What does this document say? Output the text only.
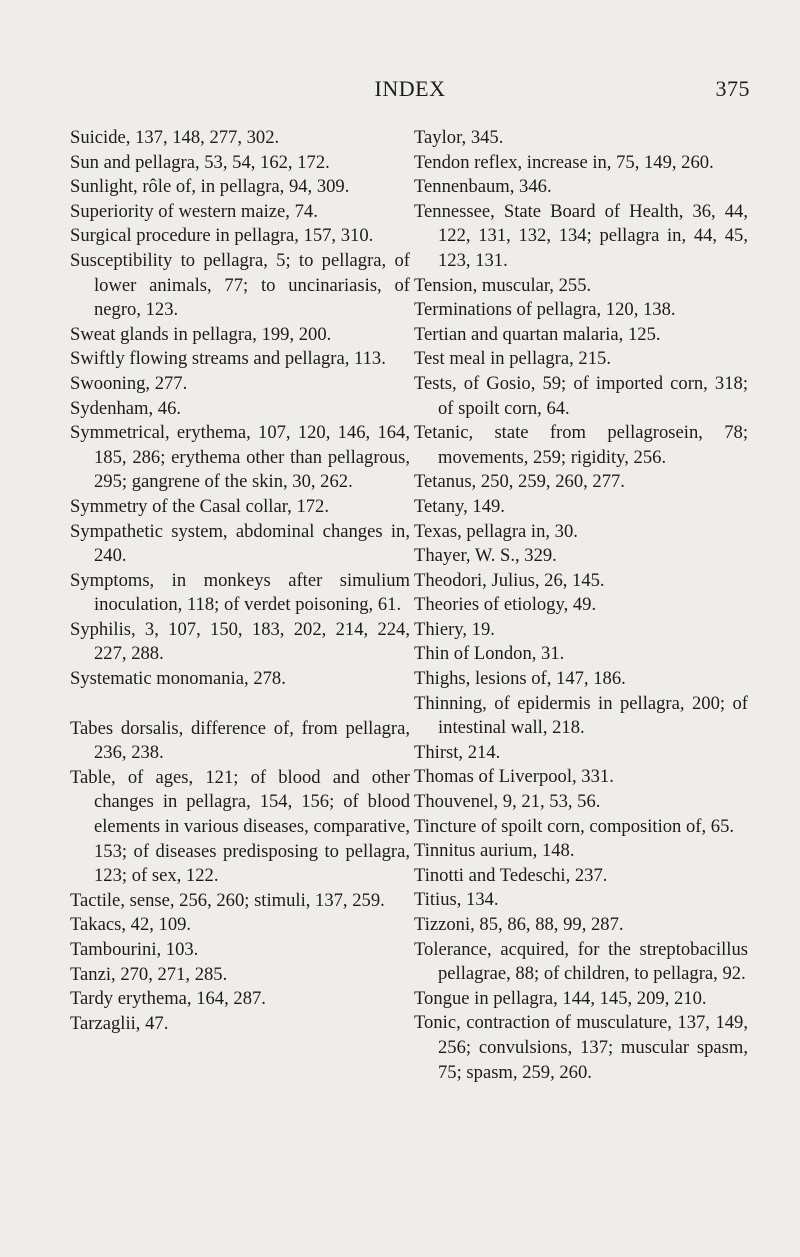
INDEX	375

Suicide, 137, 148, 277, 302.

Sun and pellagra, 53, 54, 162, 172.

Sunlight, rôle of, in pellagra, 94, 309.

Superiority of western maize, 74.

Surgical procedure in pellagra, 157, 310.

Susceptibility to pellagra, 5; to pellagra, of lower animals, 77; to uncinariasis, of negro, 123.

Sweat glands in pellagra, 199, 200.

Swiftly flowing streams and pellagra, 113.

Swooning, 277.

Sydenham, 46.

Symmetrical, erythema, 107, 120, 146, 164, 185, 286; erythema other than pellagrous, 295; gangrene of the skin, 30, 262.

Symmetry of the Casal collar, 172.

Sympathetic system, abdominal changes in, 240.

Symptoms, in monkeys after simulium inoculation, 118; of verdet poisoning, 61.

Syphilis, 3, 107, 150, 183, 202, 214, 224, 227, 288.

Systematic monomania, 278.

Tabes dorsalis, difference of, from pellagra, 236, 238.

Table, of ages, 121; of blood and other changes in pellagra, 154, 156; of blood elements in various diseases, comparative, 153; of diseases predisposing to pellagra, 123; of sex, 122.

Tactile, sense, 256, 260; stimuli, 137, 259.

Takacs, 42, 109.

Tambourini, 103.

Tanzi, 270, 271, 285.

Tardy erythema, 164, 287.

Tarzaglii, 47.

Taylor, 345.

Tendon reflex, increase in, 75, 149, 260.

Tennenbaum, 346.

Tennessee, State Board of Health, 36, 44, 122, 131, 132, 134; pellagra in, 44, 45, 123, 131.

Tension, muscular, 255.

Terminations of pellagra, 120, 138.

Tertian and quartan malaria, 125.

Test meal in pellagra, 215.

Tests, of Gosio, 59; of imported corn, 318; of spoilt corn, 64.

Tetanic, state from pellagrosein, 78; movements, 259; rigidity, 256.

Tetanus, 250, 259, 260, 277.

Tetany, 149.

Texas, pellagra in, 30.

Thayer, W. S., 329.

Theodori, Julius, 26, 145.

Theories of etiology, 49.

Thiery, 19.

Thin of London, 31.

Thighs, lesions of, 147, 186.

Thinning, of epidermis in pellagra, 200; of intestinal wall, 218.

Thirst, 214.

Thomas of Liverpool, 331.

Thouvenel, 9, 21, 53, 56.

Tincture of spoilt corn, composition of, 65.

Tinnitus aurium, 148.

Tinotti and Tedeschi, 237.

Titius, 134.

Tizzoni, 85, 86, 88, 99, 287.

Tolerance, acquired, for the streptobacillus pellagrae, 88; of children, to pellagra, 92.

Tongue in pellagra, 144, 145, 209, 210.

Tonic, contraction of musculature, 137, 149, 256; convulsions, 137; muscular spasm, 75; spasm, 259, 260.
